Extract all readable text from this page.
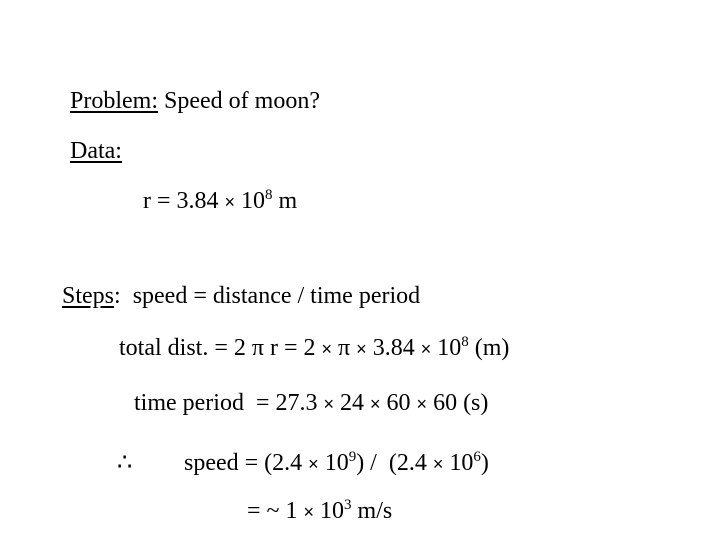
Problem: Speed of moon?
Data:
$r = 3.84 \times 10^8$ m
Steps:  speed = distance / time period
total dist. = 2 π $r = 2 \times \pi \times 3.84 \times 10^8$ (m)
time period  = 27.3 × 24 × 60 × 60 (s)
∴ speed = $(2.4 \times 10^9) / (2.4 \times 10^6)$
= ~ $1 \times 10^3$ m/s
